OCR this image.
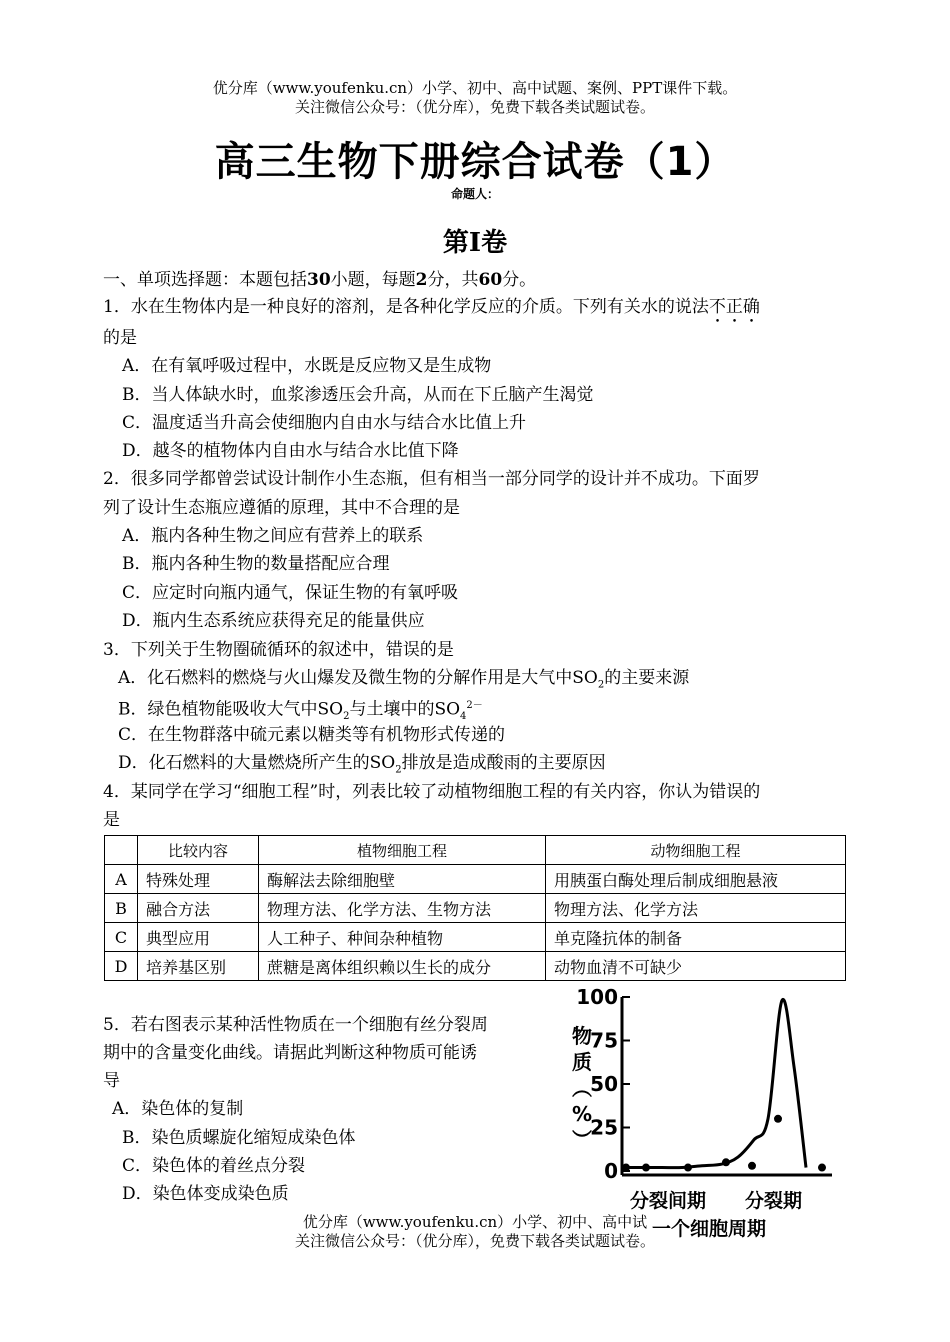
优分库（www.youfenku.cn）小学、初中、高中试题、案例、PPT课件下载。
关注微信公众号：（优分库），免费下载各类试题试卷。
高三生物下册综合试卷（1）
命题人：
第Ⅰ卷
一、单项选择题：本题包括30小题，每题2分，共60分。
1．水在生物体内是一种良好的溶剂，是各种化学反应的介质。下列有关水的说法不正确
的是
A．在有氧呼吸过程中，水既是反应物又是生成物
B．当人体缺水时，血浆渗透压会升高，从而在下丘脑产生渴觉
C．温度适当升高会使细胞内自由水与结合水比值上升
D．越冬的植物体内自由水与结合水比值下降
2．很多同学都曾尝试设计制作小生态瓶，但有相当一部分同学的设计并不成功。下面罗
列了设计生态瓶应遵循的原理，其中不合理的是
A．瓶内各种生物之间应有营养上的联系
B．瓶内各种生物的数量搭配应合理
C．应定时向瓶内通气，保证生物的有氧呼吸
D．瓶内生态系统应获得充足的能量供应
3．下列关于生物圈硫循环的叙述中，错误的是
A．化石燃料的燃烧与火山爆发及微生物的分解作用是大气中$SO_2$的主要来源
B．绿色植物能吸收大气中$SO_2$与土壤中的$SO_4^{2-}$
C．在生物群落中硫元素以糖类等有机物形式传递的
D．化石燃料的大量燃烧所产生的$SO_2$排放是造成酸雨的主要原因
4．某同学在学习“细胞工程”时，列表比较了动植物细胞工程的有关内容，你认为错误的
是
	比较内容	植物细胞工程	动物细胞工程
A	特殊处理	酶解法去除细胞壁	用胰蛋白酶处理后制成细胞悬液
B	融合方法	物理方法、化学方法、生物方法	物理方法、化学方法
C	典型应用	人工种子、种间杂种植物	单克隆抗体的制备
D	培养基区别	蔗糖是离体组织赖以生长的成分	动物血清不可缺少
5．若右图表示某种活性物质在一个细胞有丝分裂周
期中的含量变化曲线。请据此判断这种物质可能诱
导
A．染色体的复制
B．染色质螺旋化缩短成染色体
C．染色体的着丝点分裂
D．染色体变成染色质
0
25
50
75
100
物质︵ % ︶
分裂间期 分裂期
一个细胞周期
优分库（www.youfenku.cn）小学、初中、高中试
关注微信公众号：（优分库），免费下载各类试题试卷。
